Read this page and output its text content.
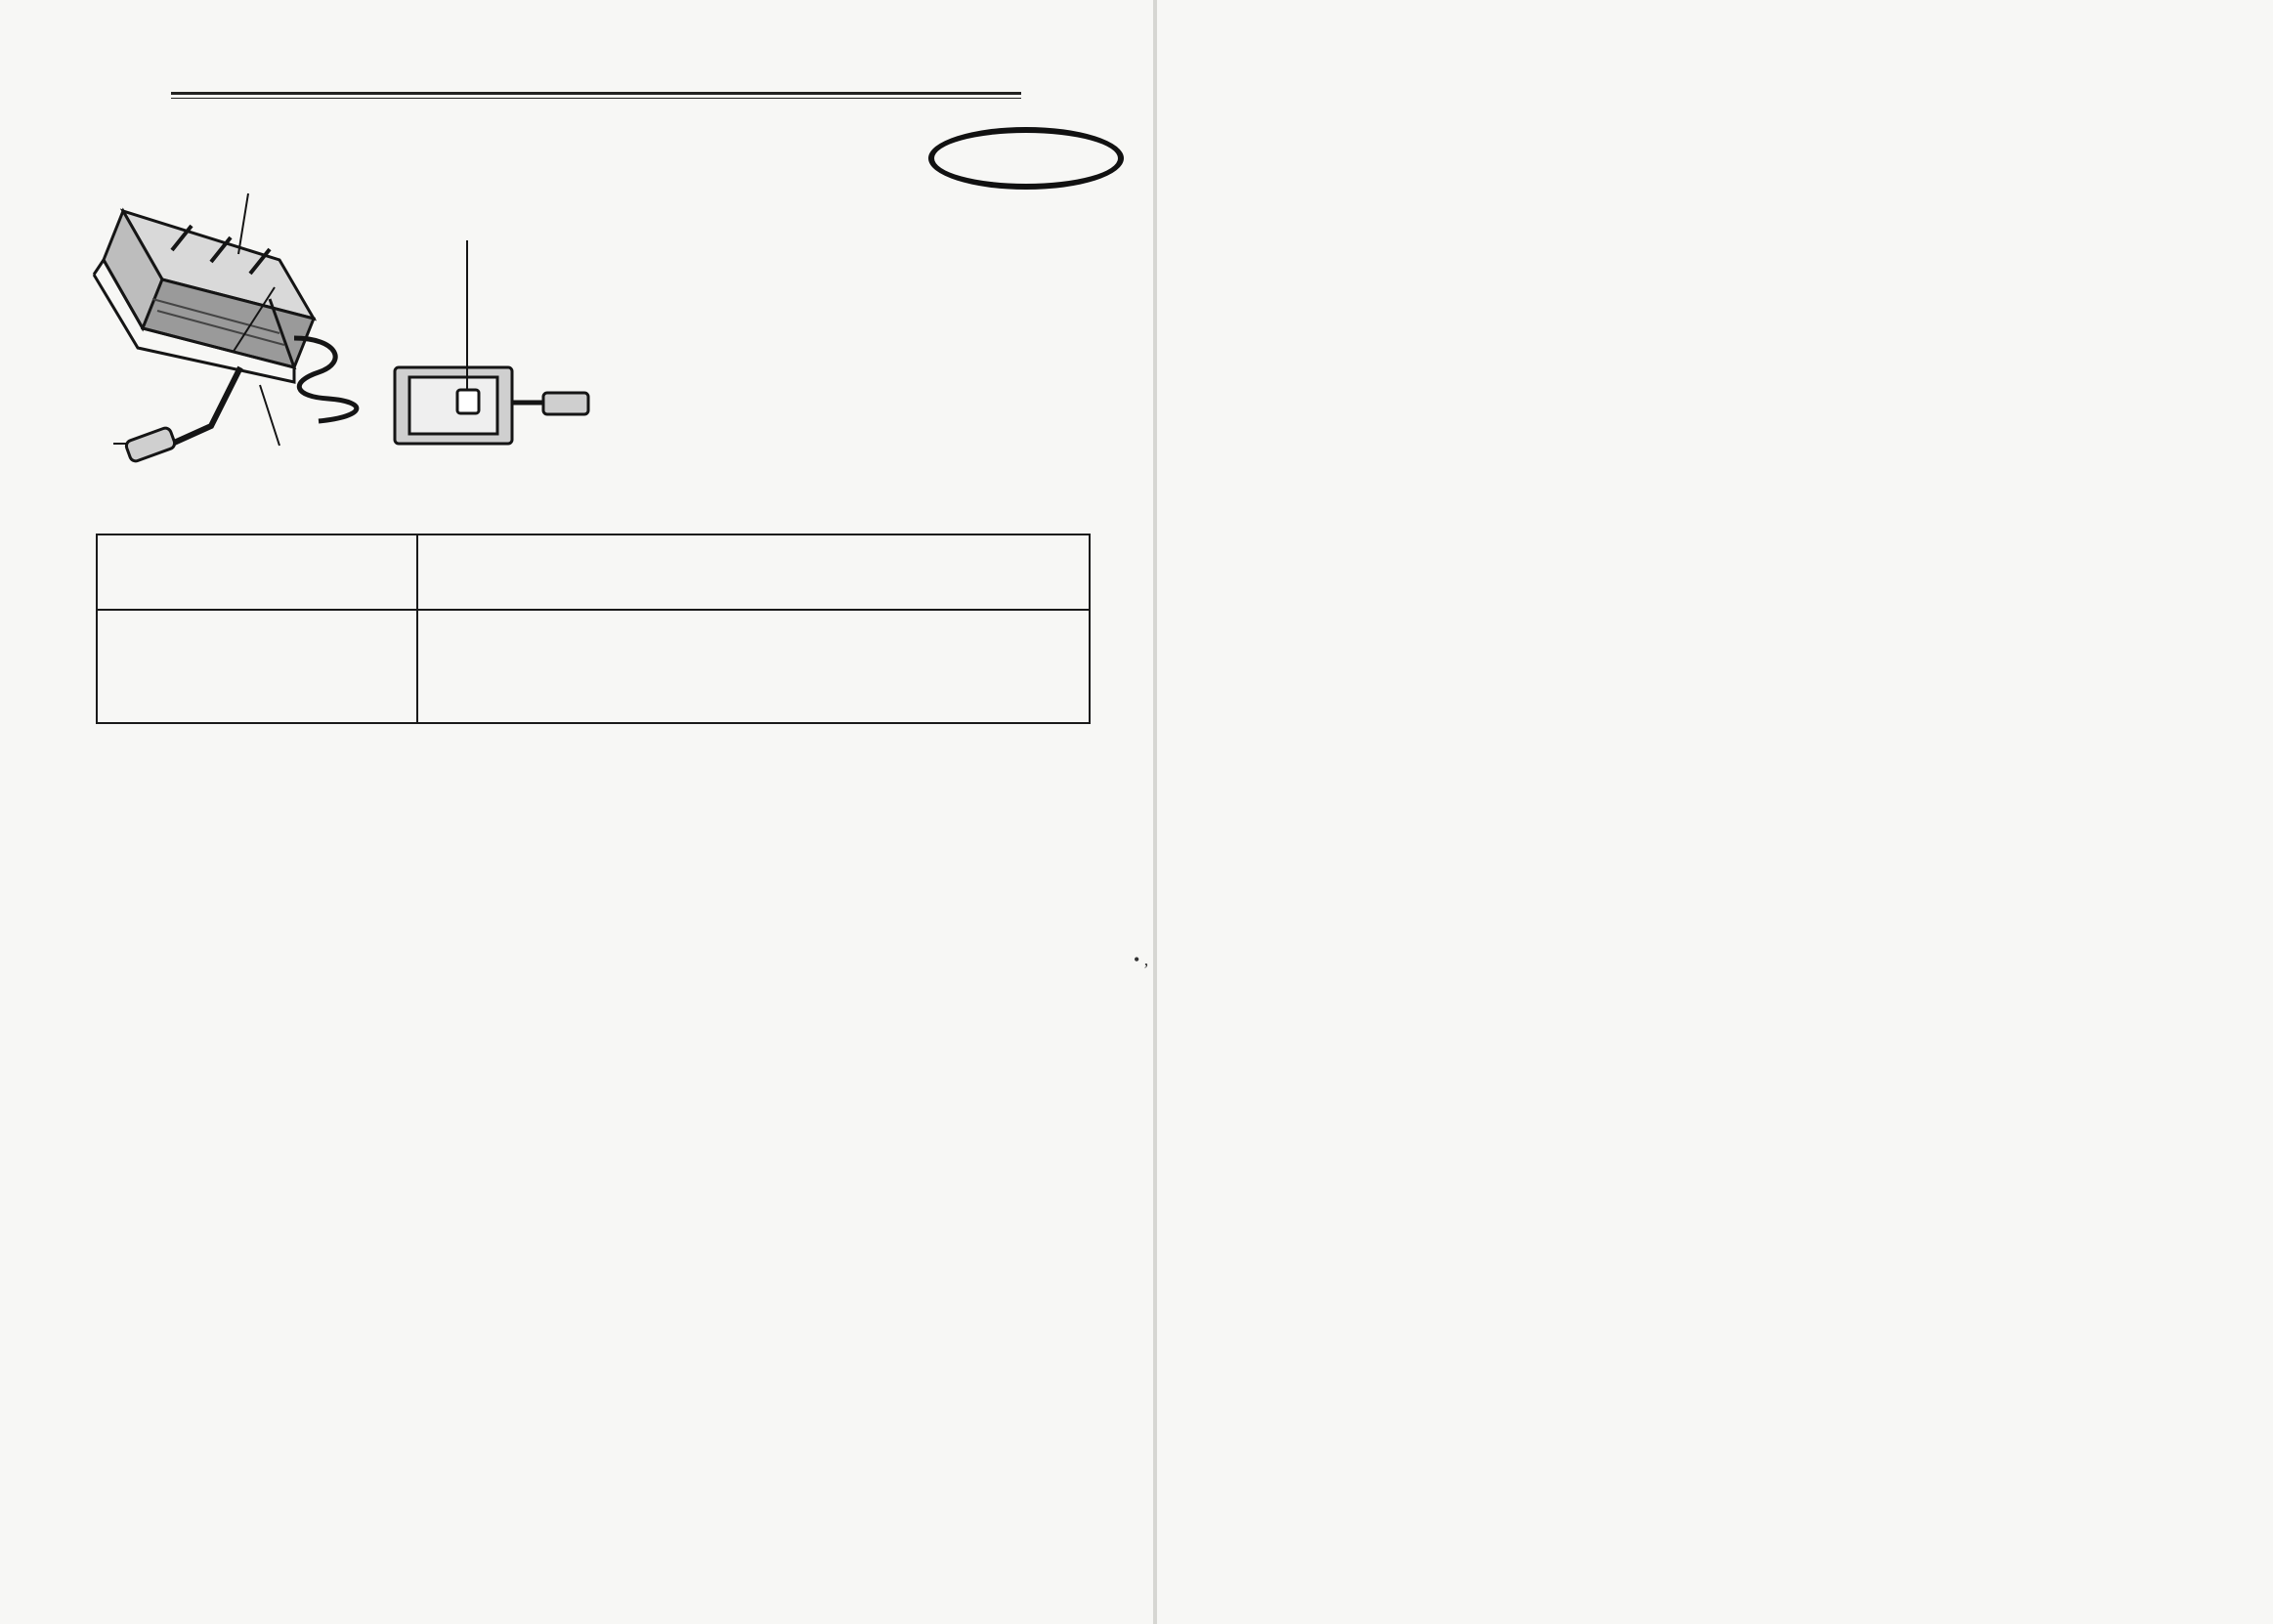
• ,
